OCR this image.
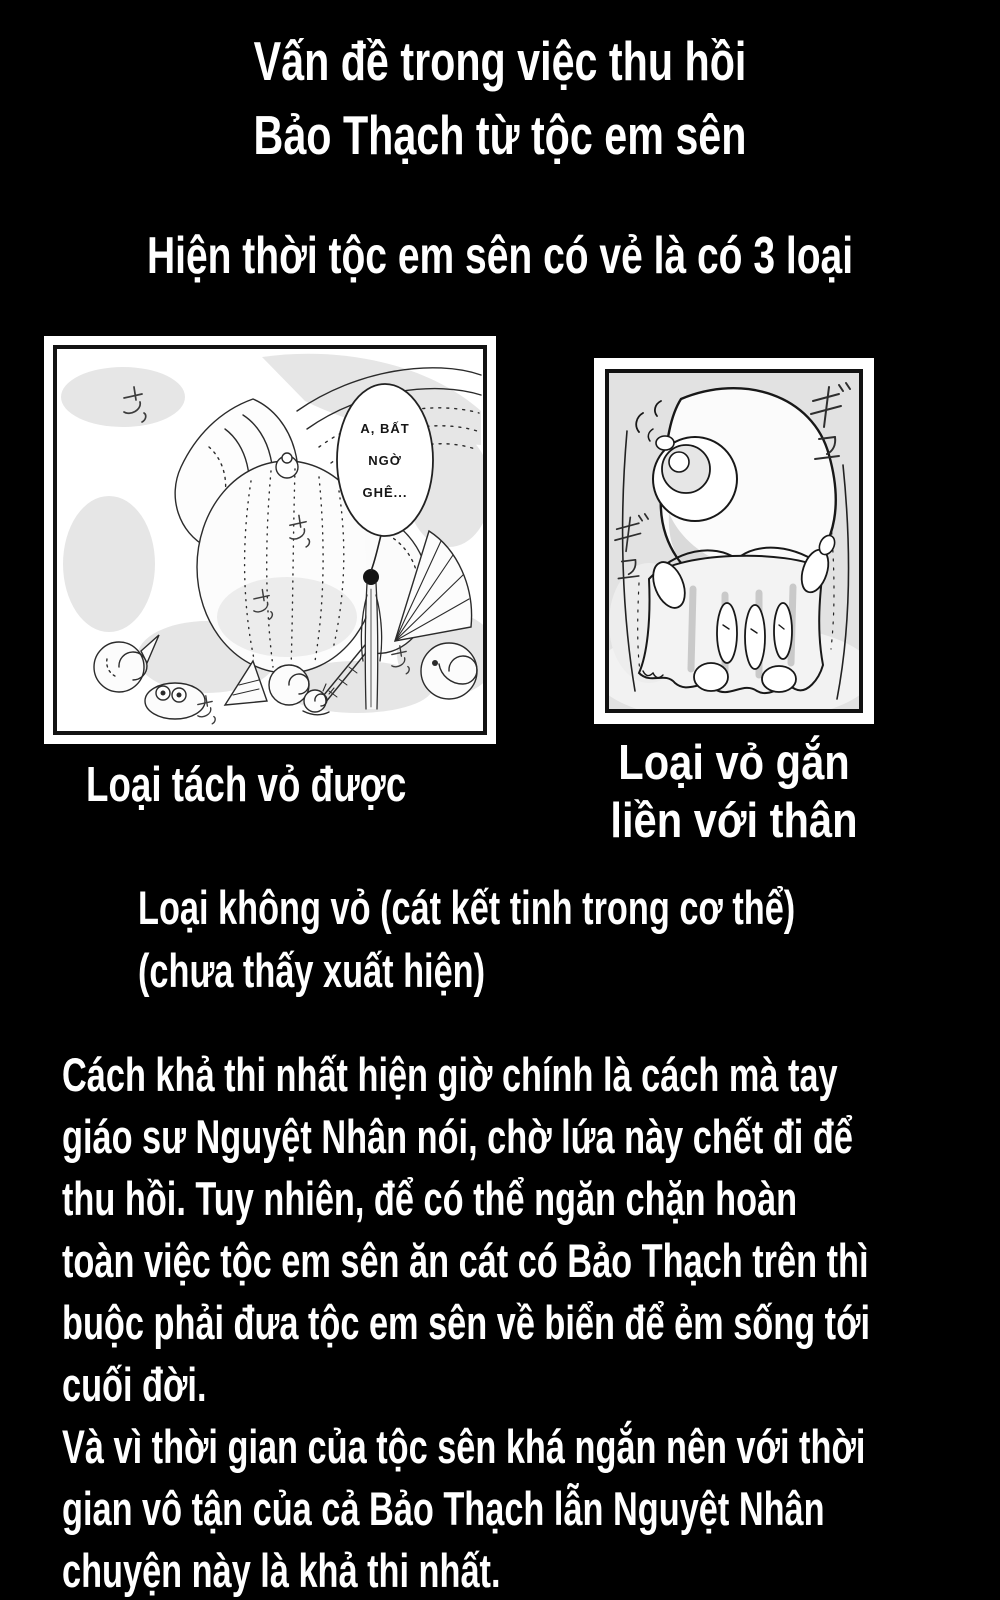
Vấn đề trong việc thu hồi
Bảo Thạch từ tộc em sên
Hiện thời tộc em sên có vẻ là có 3 loại
A, BẤT
NGỜ
GHÊ...
Loại tách vỏ được	Loại vỏ gắn
liền với thân
Loại không vỏ (cát kết tinh trong cơ thể)
(chưa thấy xuất hiện)
Cách khả thi nhất hiện giờ chính là cách mà tay
giáo sư Nguyệt Nhân nói, chờ lứa này chết đi để
thu hồi. Tuy nhiên, để có thể ngăn chặn hoàn
toàn việc tộc em sên ăn cát có Bảo Thạch trên thì
buộc phải đưa tộc em sên về biển để ẻm sống tới
cuối đời.
Và vì thời gian của tộc sên khá ngắn nên với thời
gian vô tận của cả Bảo Thạch lẫn Nguyệt Nhân
chuyện này là khả thi nhất.
